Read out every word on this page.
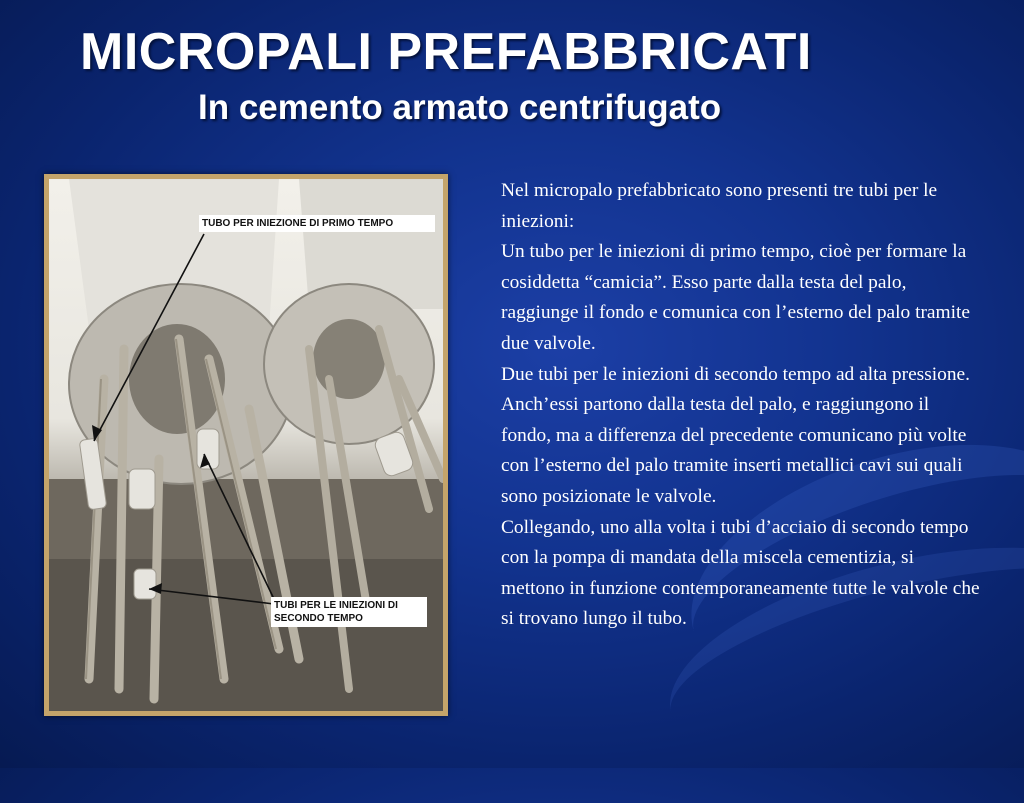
MICROPALI PREFABBRICATI
In cemento armato centrifugato
TUBO PER INIEZIONE DI PRIMO TEMPO
TUBI PER LE INIEZIONI DI SECONDO TEMPO

Nel micropalo prefabbricato sono presenti tre tubi per le iniezioni:

Un tubo per le iniezioni di primo tempo, cioè per formare la cosiddetta “camicia”. Esso parte dalla testa del palo, raggiunge il fondo e comunica con l’esterno del palo tramite due valvole.

Due tubi per le iniezioni di secondo tempo ad alta pressione. Anch’essi partono dalla testa del palo, e raggiungono il fondo, ma a differenza del precedente comunicano più volte con l’esterno del palo tramite inserti metallici cavi sui quali sono posizionate le valvole.

Collegando, uno alla volta i tubi d’acciaio di secondo tempo con la pompa di mandata della miscela cementizia, si mettono in funzione contemporaneamente tutte le valvole che si trovano lungo il tubo.
